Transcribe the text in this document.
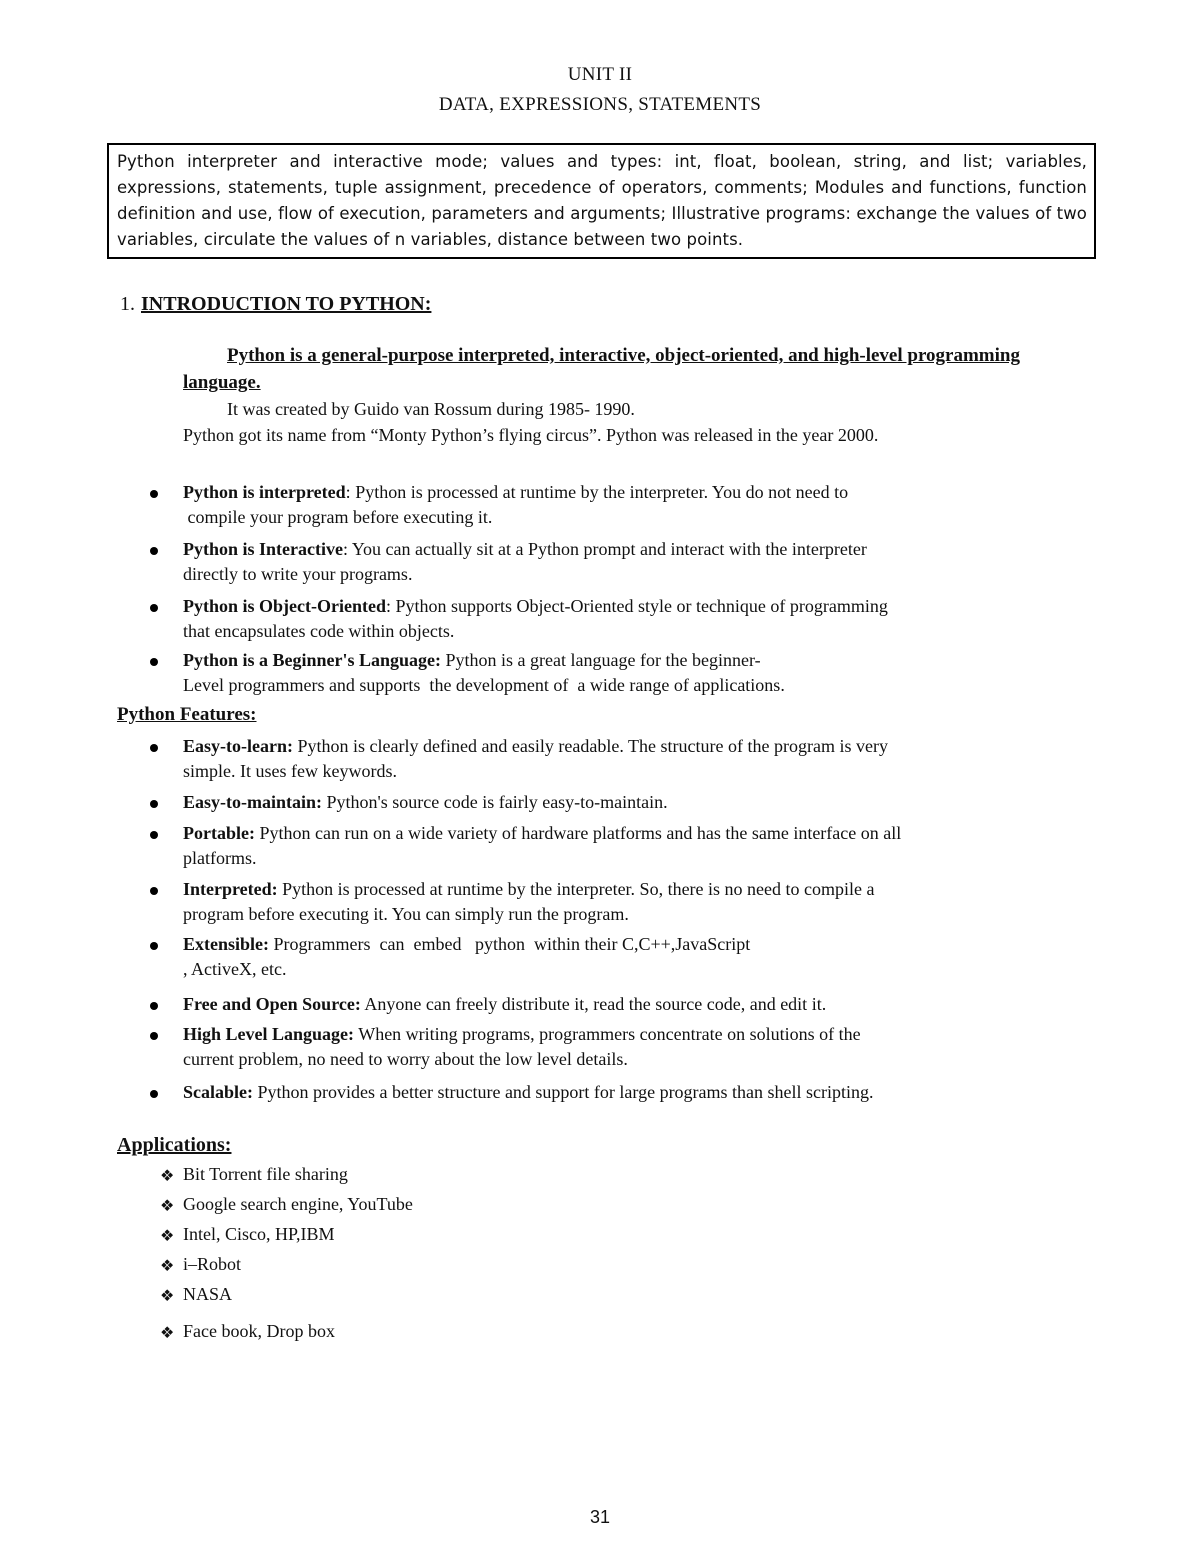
UNIT II
DATA, EXPRESSIONS, STATEMENTS
Python interpreter and interactive mode; values and types: int, float, boolean, string, and list; variables, expressions, statements, tuple assignment, precedence of operators, comments; Modules and functions, function definition and use, flow of execution, parameters and arguments; Illustrative programs: exchange the values of two variables, circulate the values of n variables, distance between two points.
1. INTRODUCTION TO PYTHON:
Python is a general-purpose interpreted, interactive, object-oriented, and high-level programming language.
It was created by Guido van Rossum during 1985- 1990.
Python got its name from “Monty Python’s flying circus”. Python was released in the year 2000.
Python is interpreted: Python is processed at runtime by the interpreter. You do not need to
compile your program before executing it.
Python is Interactive: You can actually sit at a Python prompt and interact with the interpreter
directly to write your programs.
Python is Object-Oriented: Python supports Object-Oriented style or technique of programming
that encapsulates code within objects.
Python is a Beginner's Language: Python is a great language for the beginner-
Level programmers and supports  the development of  a wide range of applications.
Python Features:
Easy-to-learn: Python is clearly defined and easily readable. The structure of the program is very
simple. It uses few keywords.
Easy-to-maintain: Python's source code is fairly easy-to-maintain.
Portable: Python can run on a wide variety of hardware platforms and has the same interface on all
platforms.
Interpreted: Python is processed at runtime by the interpreter. So, there is no need to compile a
program before executing it. You can simply run the program.
Extensible: Programmers  can  embed   python  within their C,C++,JavaScript
, ActiveX, etc.
Free and Open Source: Anyone can freely distribute it, read the source code, and edit it.
High Level Language: When writing programs, programmers concentrate on solutions of the
current problem, no need to worry about the low level details.
Scalable: Python provides a better structure and support for large programs than shell scripting.
Applications:
❖ Bit Torrent file sharing
❖ Google search engine, YouTube
❖ Intel, Cisco, HP,IBM
❖ i–Robot
❖ NASA
❖ Face book, Drop box
31
